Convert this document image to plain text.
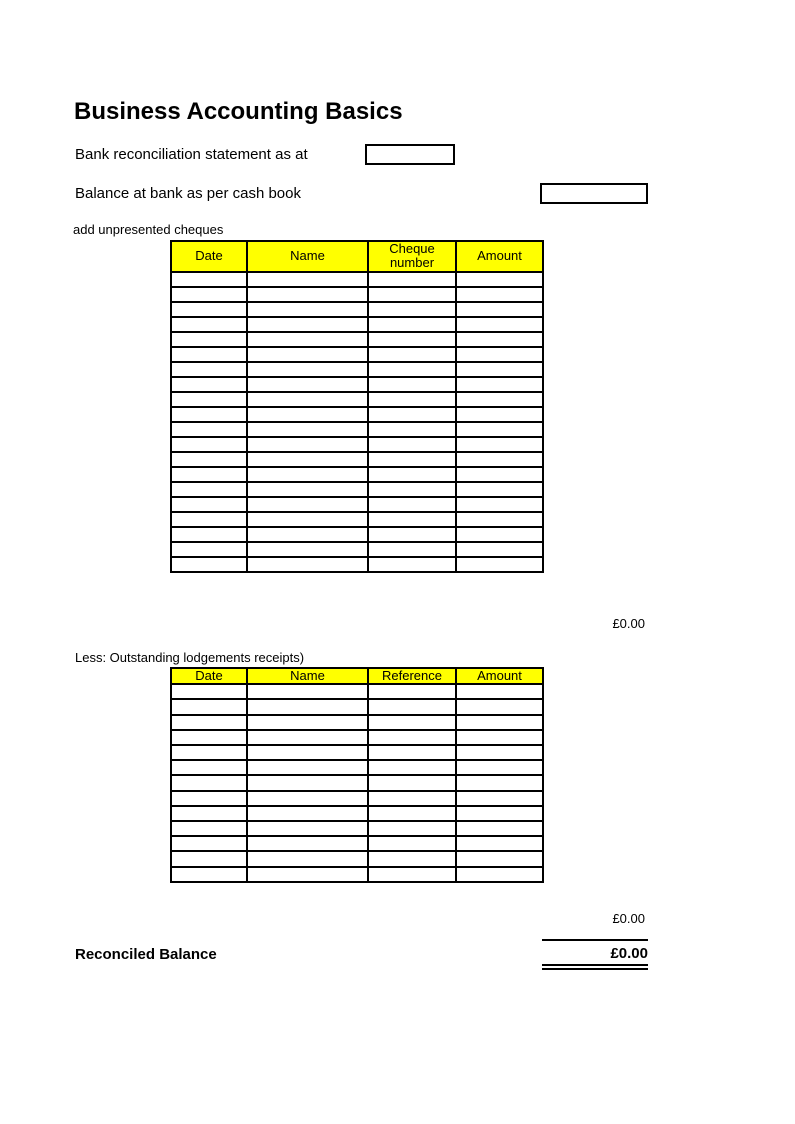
Business Accounting Basics
Bank reconciliation statement as at
Balance at bank as per cash book
add unpresented cheques
Date	Name	Cheque number	Amount

£0.00
Less: Outstanding lodgements receipts)
Date	Name	Reference	Amount

£0.00
Reconciled Balance	£0.00
